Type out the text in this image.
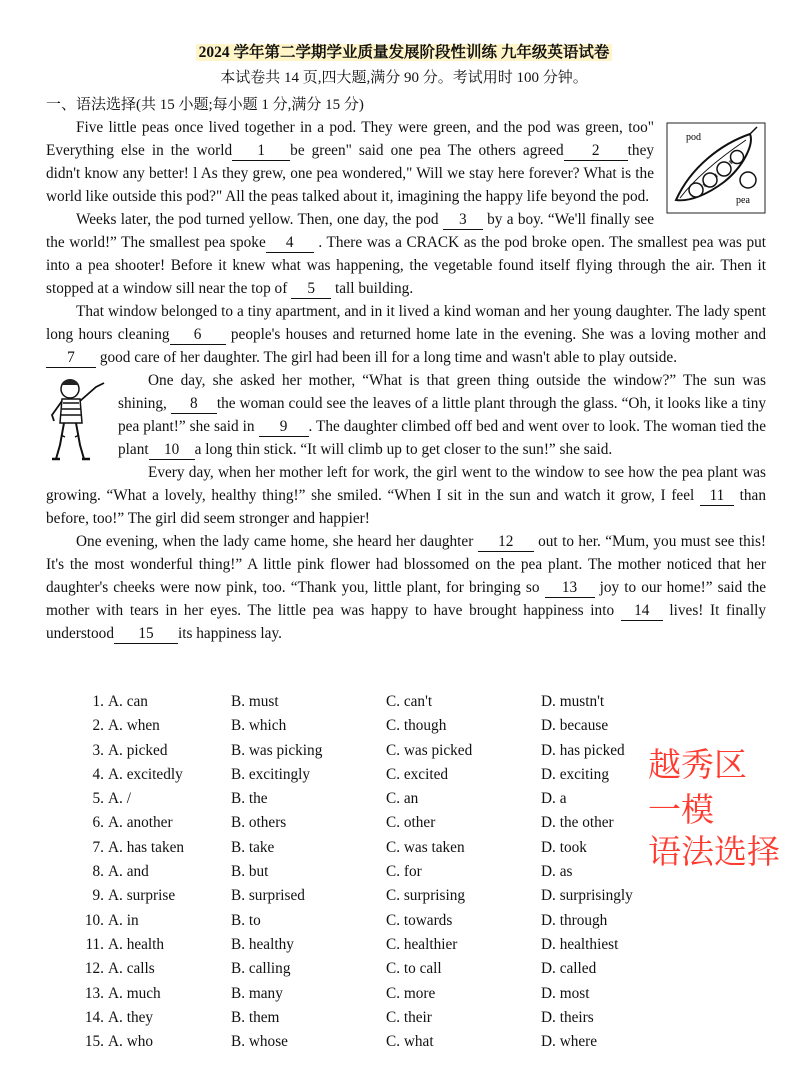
2024 学年第二学期学业质量发展阶段性训练 九年级英语试卷
本试卷共 14 页,四大题,满分 90 分。考试用时 100 分钟。
一、语法选择(共 15 小题;每小题 1 分,满分 15 分)

pod
pea
Five little peas once lived together in a pod. They were green, and the pod was green, too" Everything else in the world 1 be green" said one pea The others agreed 2 they didn't know any better! l As they grew, one pea wondered," Will we stay here forever? What is the world like outside this pod?" All the peas talked about it, imagining the happy life beyond the pod.

Weeks later, the pod turned yellow. Then, one day, the pod 3 by a boy. “We'll finally see the world!” The smallest pea spoke 4 . There was a CRACK as the pod broke open. The smallest pea was put into a pea shooter! Before it knew what was happening, the vegetable found itself flying through the air. Then it stopped at a window sill near the top of 5 tall building.

That window belonged to a tiny apartment, and in it lived a kind woman and her young daughter. The lady spent long hours cleaning 6 people's houses and returned home late in the evening. She was a loving mother and 7 good care of her daughter. The girl had been ill for a long time and wasn't able to play outside.

One day, she asked her mother, “What is that green thing outside the window?” The sun was shining, 8 the woman could see the leaves of a little plant through the glass. “Oh, it looks like a tiny pea plant!” she said in 9 . The daughter climbed off bed and went over to look. The woman tied the plant 10 a long thin stick. “It will climb up to get closer to the sun!” she said.

Every day, when her mother left for work, the girl went to the window to see how the pea plant was growing. “What a lovely, healthy thing!” she smiled. “When I sit in the sun and watch it grow, I feel 11 than before, too!” The girl did seem stronger and happier!

One evening, when the lady came home, she heard her daughter 12 out to her. “Mum, you must see this! It's the most wonderful thing!” A little pink flower had blossomed on the pea plant. The mother noticed that her daughter's cheeks were now pink, too. “Thank you, little plant, for bringing so 13 joy to our home!” said the mother with tears in her eyes. The little pea was happy to have brought happiness into 14 lives! It finally understood 15 its happiness lay.

1. A. can	B. must	C. can't	D. mustn't
2. A. when	B. which	C. though	D. because
3. A. picked	B. was picking	C. was picked	D. has picked
4. A. excitedly	B. excitingly	C. excited	D. exciting
5. A. /	B. the	C. an	D. a
6. A. another	B. others	C. other	D. the other
7. A. has taken	B. take	C. was taken	D. took
8. A. and	B. but	C. for	D. as
9. A. surprise	B. surprised	C. surprising	D. surprisingly
10. A. in	B. to	C. towards	D. through
11. A. health	B. healthy	C. healthier	D. healthiest
12. A. calls	B. calling	C. to call	D. called
13. A. much	B. many	C. more	D. most
14. A. they	B. them	C. their	D. theirs
15. A. who	B. whose	C. what	D. where
越秀区
一模
语法选择
